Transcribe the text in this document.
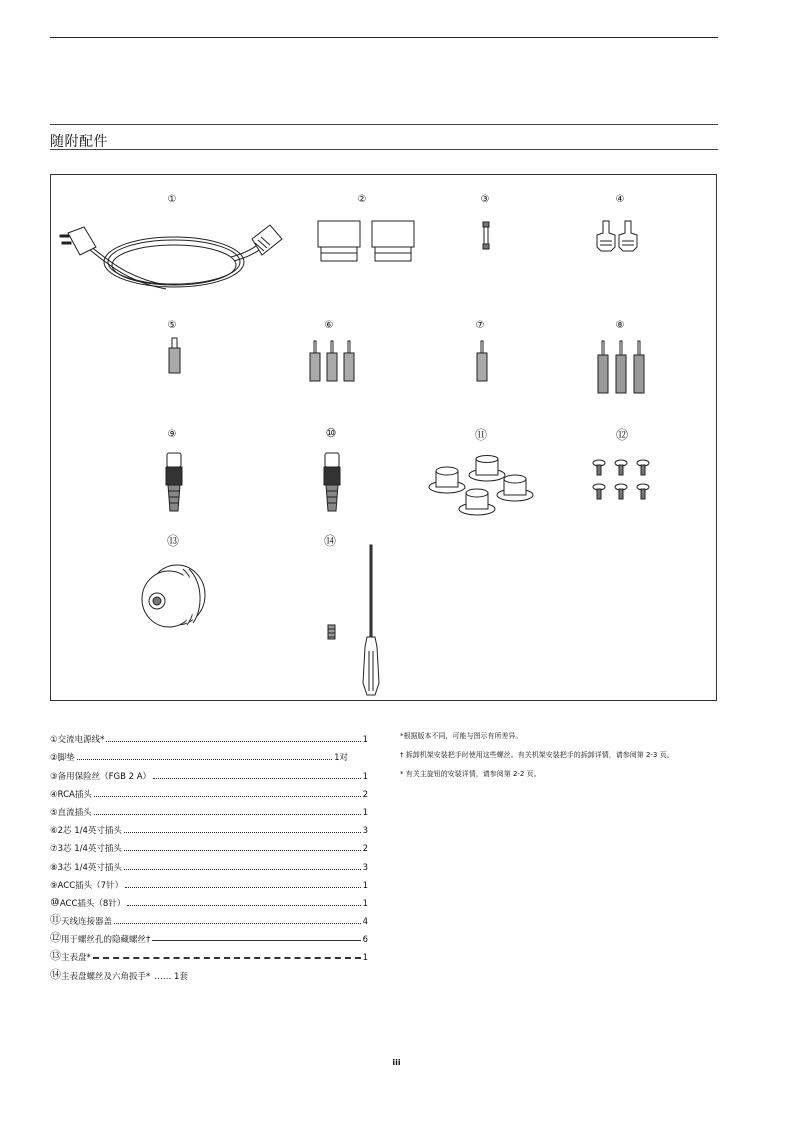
随附配件
①	②	③	④
⑤	⑥	⑦	⑧
⑨	⑩	⑪	⑫
⑬	⑭
① 交流电源线*	1
② 脚垫	1对
③ 备用保险丝（FGB 2 A）	1
④ RCA插头	2
⑤ 直流插头	1
⑥ 2芯 1/4英寸插头	3
⑦ 3芯 1/4英寸插头	2
⑧ 3芯 1/4英寸插头	3
⑨ ACC插头（7针）	1
⑩ ACC插头（8针）	1
⑪ 天线连接器盖	4
⑫ 用于螺丝孔的隐藏螺丝†	6
⑬ 主表盘*	1
⑭ 主表盘螺丝及六角扳手* …… 1套
*根据版本不同，可能与图示有所差异。
† 拆卸机架安装把手时使用这些螺丝。有关机架安装把手的拆卸详情，请参阅第 2-3 页。
* 有关主旋钮的安装详情，请参阅第 2-2 页。
iii
